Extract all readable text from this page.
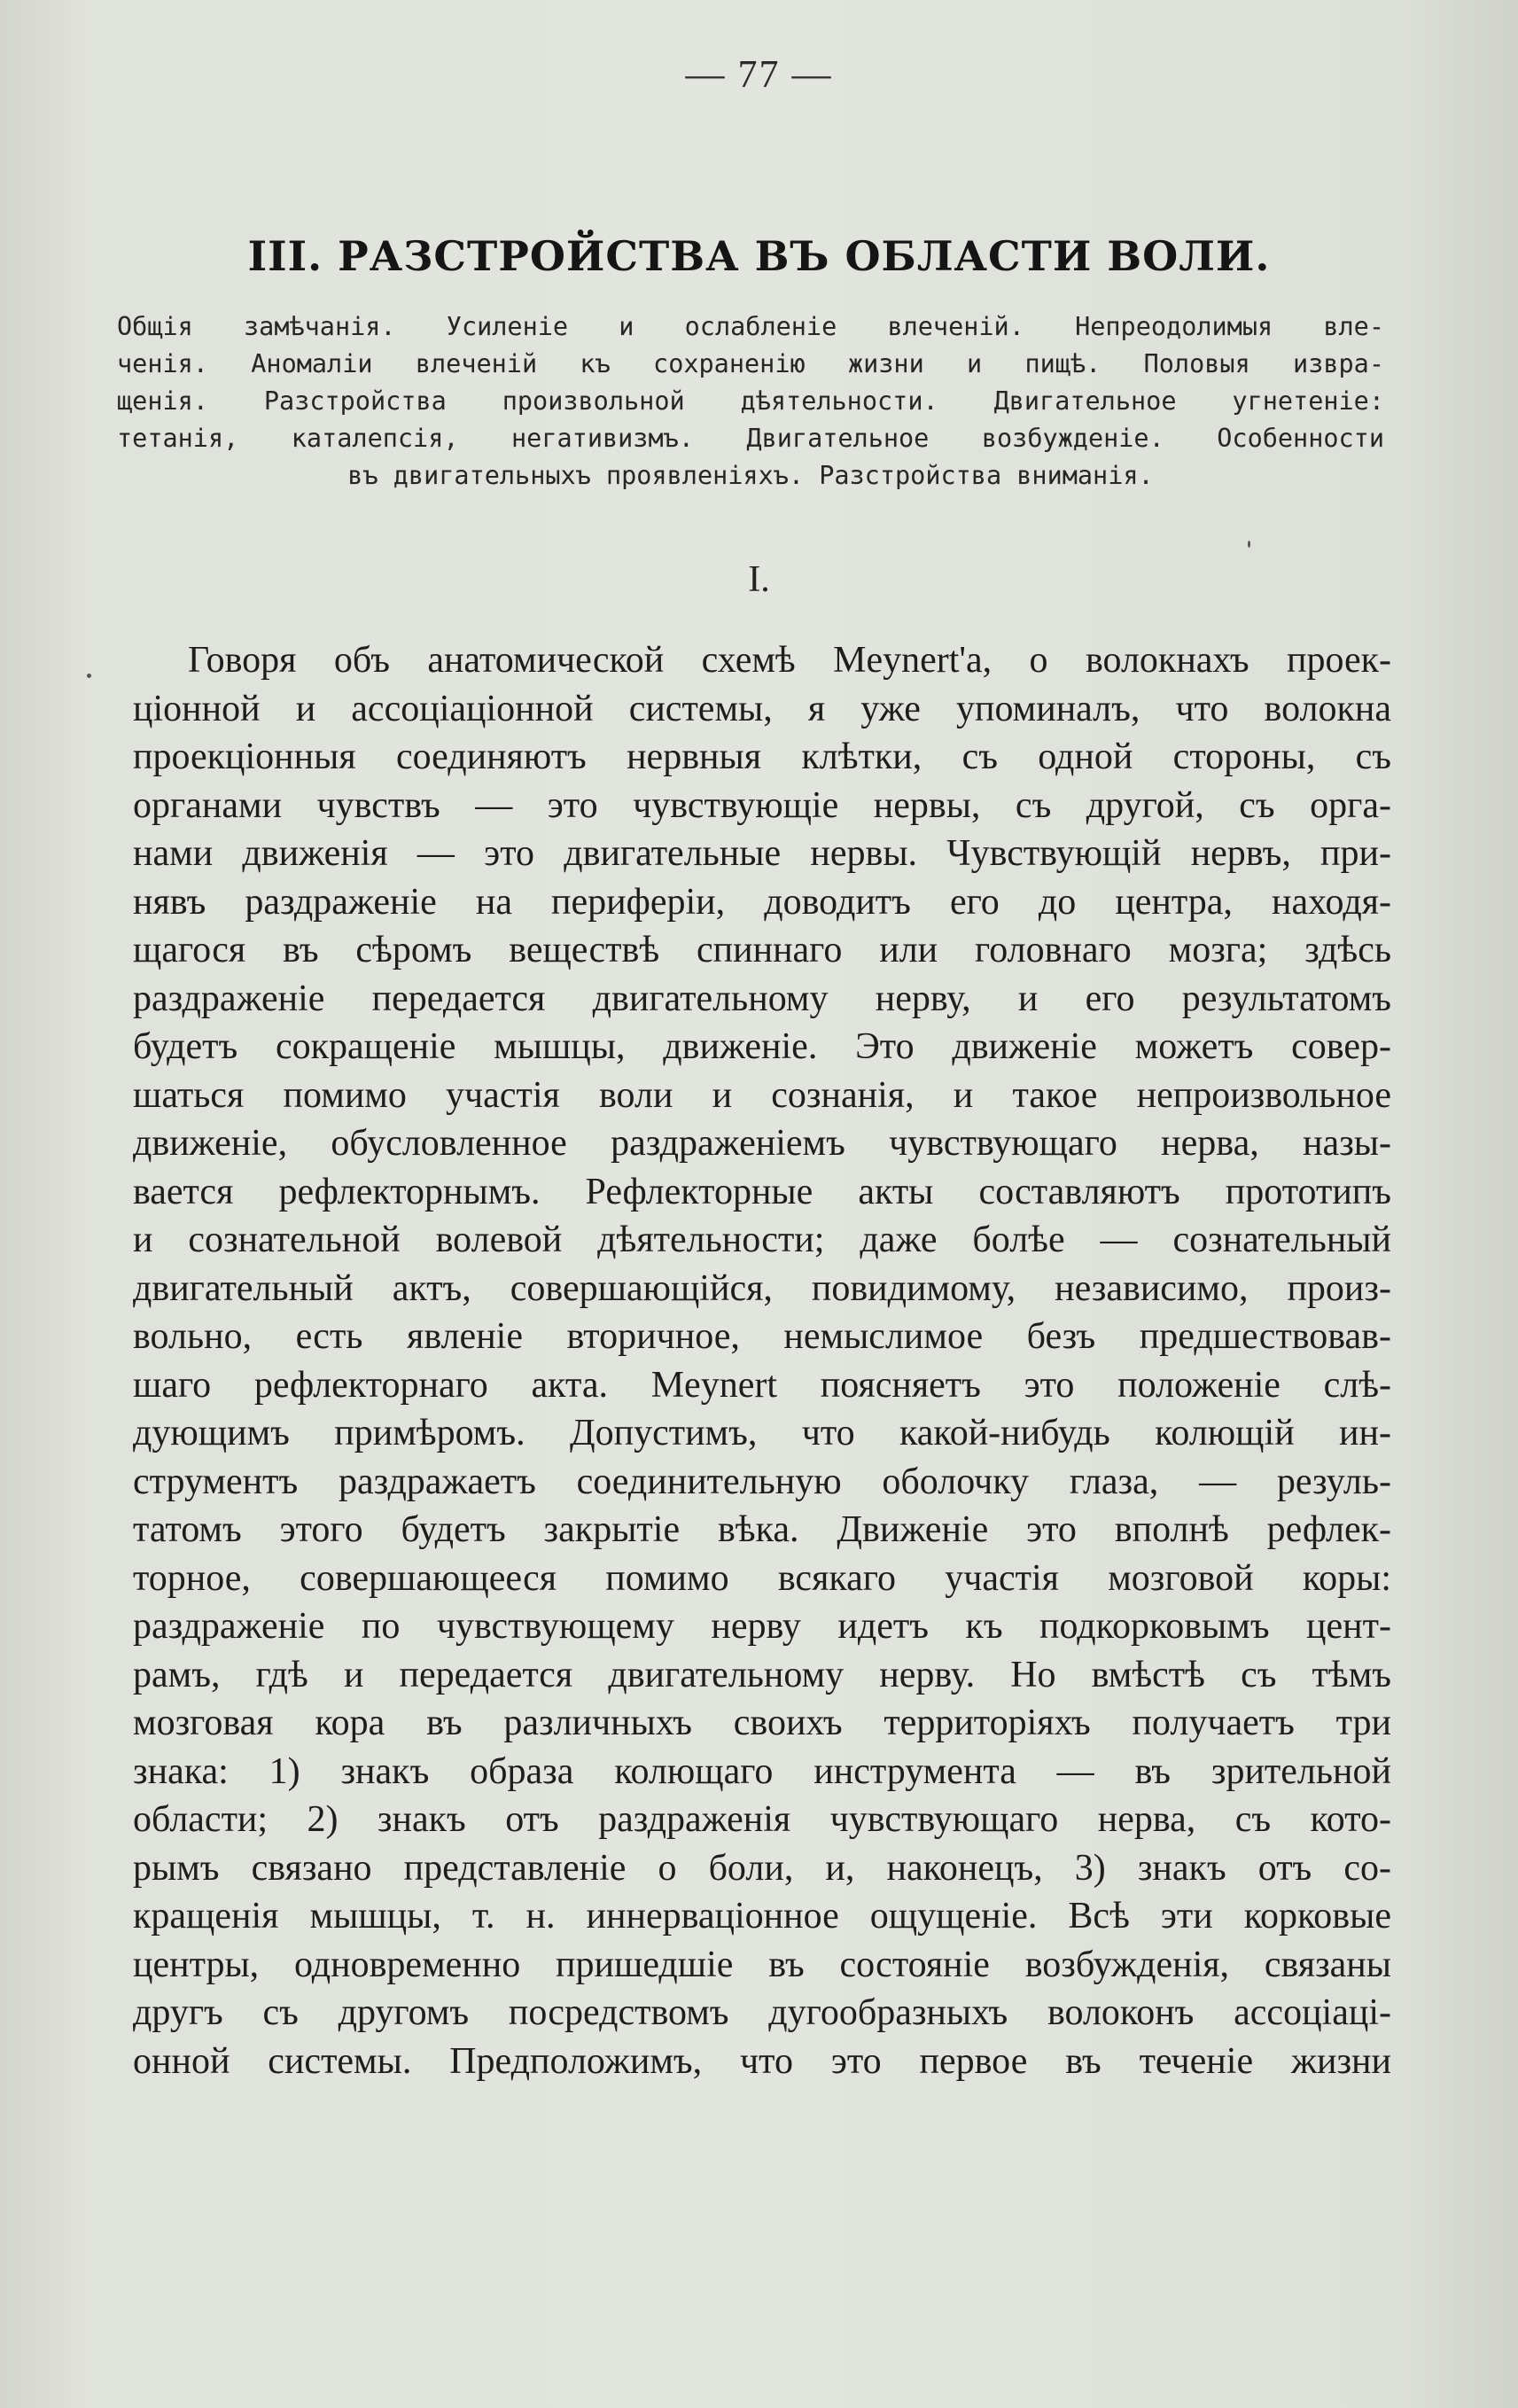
— 77 —
III. РАЗСТРОЙСТВА ВЪ ОБЛАСТИ ВОЛИ.
Общія замѣчанія. Усиленіе и ослабленіе влеченій. Непреодолимыя вле-
ченія. Аномаліи влеченій къ сохраненію жизни и пищѣ. Половыя извра-
щенія. Разстройства произвольной дѣятельности. Двигательное угнетеніе:
тетанія, каталепсія, негативизмъ. Двигательное возбужденіе. Особенности
въ двигательныхъ проявленіяхъ. Разстройства вниманія.
I.
Говоря объ анатомической схемѣ Meynert'а, о волокнахъ проек-
ціонной и ассоціаціонной системы, я уже упоминалъ, что волокна
проекціонныя соединяютъ нервныя клѣтки, съ одной стороны, съ
органами чувствъ — это чувствующіе нервы, съ другой, съ орга-
нами движенія — это двигательные нервы. Чувствующій нервъ, при-
нявъ раздраженіе на периферіи, доводитъ его до центра, находя-
щагося въ сѣромъ веществѣ спиннаго или головнаго мозга; здѣсь
раздраженіе передается двигательному нерву, и его результатомъ
будетъ сокращеніе мышцы, движеніе. Это движеніе можетъ совер-
шаться помимо участія воли и сознанія, и такое непроизвольное
движеніе, обусловленное раздраженіемъ чувствующаго нерва, назы-
вается рефлекторнымъ. Рефлекторные акты составляютъ прототипъ
и сознательной волевой дѣятельности; даже болѣе — сознательный
двигательный актъ, совершающійся, повидимому, независимо, произ-
вольно, есть явленіе вторичное, немыслимое безъ предшествовав-
шаго рефлекторнаго акта. Meynert поясняетъ это положеніе слѣ-
дующимъ примѣромъ. Допустимъ, что какой-нибудь колющій ин-
струментъ раздражаетъ соединительную оболочку глаза, — резуль-
татомъ этого будетъ закрытіе вѣка. Движеніе это вполнѣ рефлек-
торное, совершающееся помимо всякаго участія мозговой коры:
раздраженіе по чувствующему нерву идетъ къ подкорковымъ цент-
рамъ, гдѣ и передается двигательному нерву. Но вмѣстѣ съ тѣмъ
мозговая кора въ различныхъ своихъ территоріяхъ получаетъ три
знака: 1) знакъ образа колющаго инструмента — въ зрительной
области; 2) знакъ отъ раздраженія чувствующаго нерва, съ кото-
рымъ связано представленіе о боли, и, наконецъ, 3) знакъ отъ со-
кращенія мышцы, т. н. иннерваціонное ощущеніе. Всѣ эти корковые
центры, одновременно пришедшіе въ состояніе возбужденія, связаны
другъ съ другомъ посредствомъ дугообразныхъ волоконъ ассоціаці-
онной системы. Предположимъ, что это первое въ теченіе жизни
